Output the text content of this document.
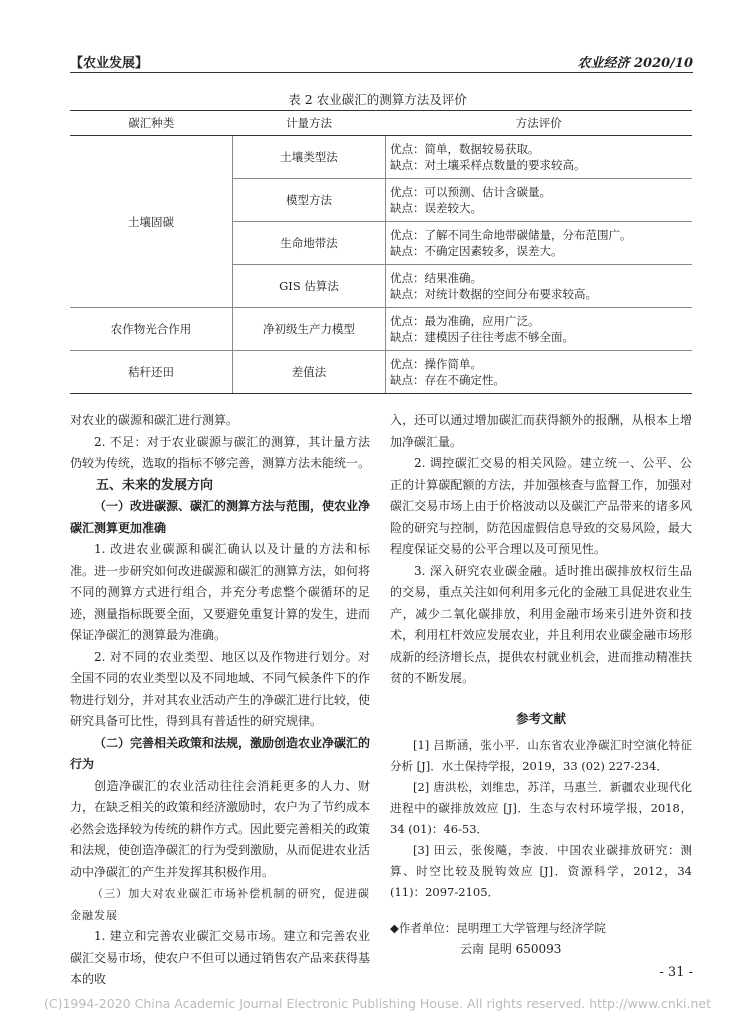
【农业发展】	农业经济 2020/10
表 2 农业碳汇的测算方法及评价
碳汇种类	计量方法	方法评价
土壤固碳	土壤类型法	优点：简单，数据较易获取。
缺点：对土壤采样点数量的要求较高。

	模型方法	优点：可以预测、估计含碳量。
缺点：误差较大。

	生命地带法	优点：了解不同生命地带碳储量，分布范围广。
缺点：不确定因素较多，误差大。

	GIS 估算法	优点：结果准确。
缺点：对统计数据的空间分布要求较高。

农作物光合作用	净初级生产力模型	优点：最为准确，应用广泛。
缺点：建模因子往往考虑不够全面。

秸秆还田	差值法	优点：操作简单。
缺点：存在不确定性。

对农业的碳源和碳汇进行测算。

2. 不足：对于农业碳源与碳汇的测算，其计量方法仍较为传统，选取的指标不够完善，测算方法未能统一。

五、未来的发展方向

（一）改进碳源、碳汇的测算方法与范围，使农业净碳汇测算更加准确

1. 改进农业碳源和碳汇确认以及计量的方法和标准。进一步研究如何改进碳源和碳汇的测算方法，如何将不同的测算方式进行组合，并充分考虑整个碳循环的足迹，测量指标既要全面，又要避免重复计算的发生，进而保证净碳汇的测算最为准确。

2. 对不同的农业类型、地区以及作物进行划分。对全国不同的农业类型以及不同地域、不同气候条件下的作物进行划分，并对其农业活动产生的净碳汇进行比较，使研究具备可比性，得到具有普适性的研究规律。

（二）完善相关政策和法规，激励创造农业净碳汇的行为

创造净碳汇的农业活动往往会消耗更多的人力、财力，在缺乏相关的政策和经济激励时，农户为了节约成本必然会选择较为传统的耕作方式。因此要完善相关的政策和法规，使创造净碳汇的行为受到激励，从而促进农业活动中净碳汇的产生并发挥其积极作用。

（三）加大对农业碳汇市场补偿机制的研究，促进碳金融发展

1. 建立和完善农业碳汇交易市场。建立和完善农业碳汇交易市场，使农户不但可以通过销售农产品来获得基本的收

入，还可以通过增加碳汇而获得额外的报酬，从根本上增加净碳汇量。

2. 调控碳汇交易的相关风险。建立统一、公平、公正的计算碳配额的方法，并加强核查与监督工作，加强对碳汇交易市场上由于价格波动以及碳汇产品带来的诸多风险的研究与控制，防范因虚假信息导致的交易风险，最大程度保证交易的公平合理以及可预见性。

3. 深入研究农业碳金融。适时推出碳排放权衍生品的交易，重点关注如何利用多元化的金融工具促进农业生产，减少二氧化碳排放，利用金融市场来引进外资和技术，利用杠杆效应发展农业，并且利用农业碳金融市场形成新的经济增长点，提供农村就业机会，进而推动精准扶贫的不断发展。

参考文献

[1] 吕斯涵，张小平．山东省农业净碳汇时空演化特征分析 [J]．水土保持学报，2019，33 (02) 227-234．

[2] 唐洪松，刘维忠，苏洋，马惠兰．新疆农业现代化进程中的碳排放效应 [J]．生态与农村环境学报，2018，34 (01)：46-53．

[3] 田云，张俊飚，李波．中国农业碳排放研究：测算、时空比较及脱钩效应 [J]．资源科学，2012，34 (11)：2097-2105．

◆作者单位：昆明理工大学管理与经济学院

云南 昆明 650093

- 31 -
(C)1994-2020 China Academic Journal Electronic Publishing House. All rights reserved. http://www.cnki.net
